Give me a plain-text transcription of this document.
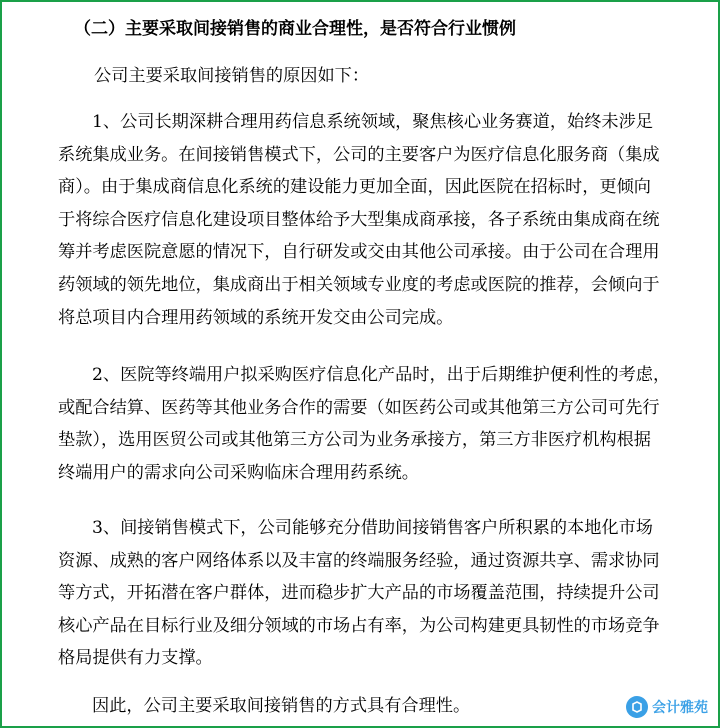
（二）主要采取间接销售的商业合理性，是否符合行业惯例

公司主要采取间接销售的原因如下：

1、公司长期深耕合理用药信息系统领域，聚焦核心业务赛道，始终未涉足
系统集成业务。在间接销售模式下，公司的主要客户为医疗信息化服务商（集成
商）。由于集成商信息化系统的建设能力更加全面，因此医院在招标时，更倾向
于将综合医疗信息化建设项目整体给予大型集成商承接，各子系统由集成商在统
筹并考虑医院意愿的情况下，自行研发或交由其他公司承接。由于公司在合理用
药领域的领先地位，集成商出于相关领域专业度的考虑或医院的推荐，会倾向于
将总项目内合理用药领域的系统开发交由公司完成。

2、医院等终端用户拟采购医疗信息化产品时，出于后期维护便利性的考虑，
或配合结算、医药等其他业务合作的需要（如医药公司或其他第三方公司可先行
垫款），选用医贸公司或其他第三方公司为业务承接方，第三方非医疗机构根据
终端用户的需求向公司采购临床合理用药系统。

3、间接销售模式下，公司能够充分借助间接销售客户所积累的本地化市场
资源、成熟的客户网络体系以及丰富的终端服务经验，通过资源共享、需求协同
等方式，开拓潜在客户群体，进而稳步扩大产品的市场覆盖范围，持续提升公司
核心产品在目标行业及细分领域的市场占有率，为公司构建更具韧性的市场竞争
格局提供有力支撑。

因此，公司主要采取间接销售的方式具有合理性。	会计雅苑
